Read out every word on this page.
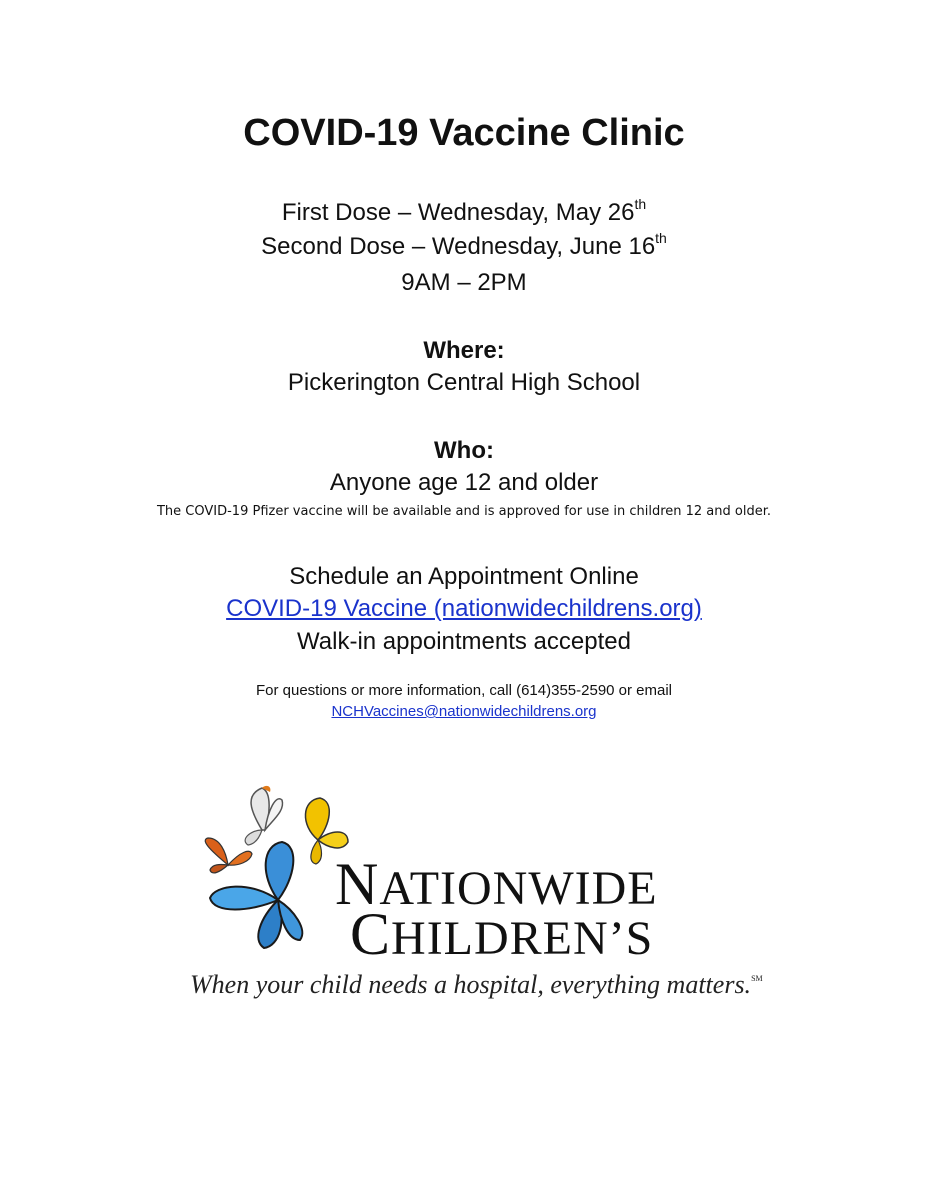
COVID-19 Vaccine Clinic
First Dose – Wednesday, May 26th
Second Dose – Wednesday, June 16th
9AM – 2PM
Where:
Pickerington Central High School
Who:
Anyone age 12 and older
The COVID-19 Pfizer vaccine will be available and is approved for use in children 12 and older.
Schedule an Appointment Online
COVID-19 Vaccine (nationwidechildrens.org)
Walk-in appointments accepted
For questions or more information, call (614)355-2590 or email
NCHVaccines@nationwidechildrens.org
NATIONWIDE
CHILDREN’S
When your child needs a hospital, everything matters.℠
